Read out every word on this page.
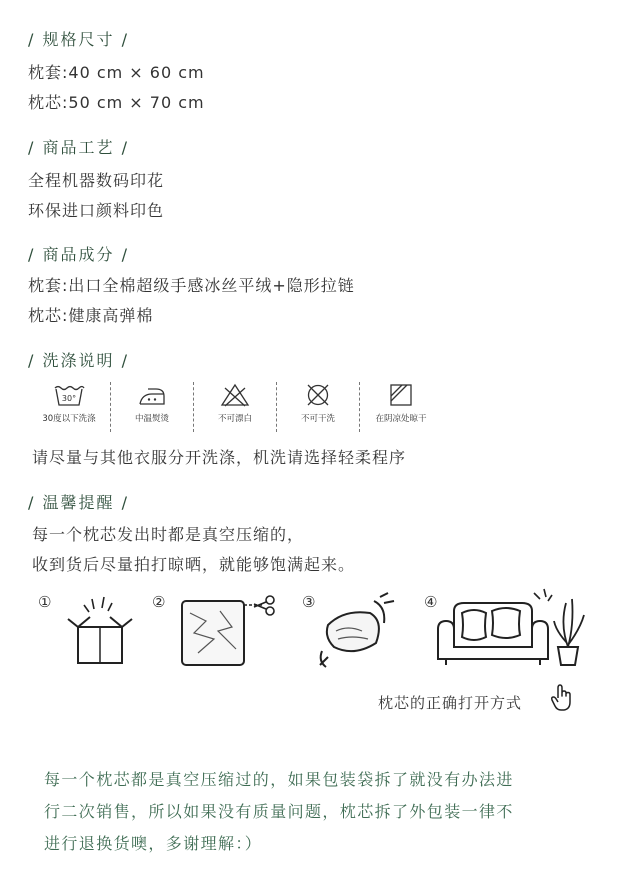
/ 规格尺寸 /
枕套:40 cm × 60 cm
枕芯:50 cm × 70 cm
/ 商品工艺 /
全程机器数码印花
环保进口颜料印色
/ 商品成分 /
枕套:出口全棉超级手感冰丝平绒+隐形拉链
枕芯:健康高弹棉
/ 洗涤说明 /
30°
30度以下洗涤	中温熨烫	不可漂白	不可干洗	在阴凉处晾干
请尽量与其他衣服分开洗涤，机洗请选择轻柔程序
/ 温馨提醒 /
每一个枕芯发出时都是真空压缩的，
收到货后尽量拍打晾晒，就能够饱满起来。
①	②	③	④
枕芯的正确打开方式
每一个枕芯都是真空压缩过的，如果包装袋拆了就没有办法进
行二次销售，所以如果没有质量问题，枕芯拆了外包装一律不
进行退换货噢，多谢理解：）
